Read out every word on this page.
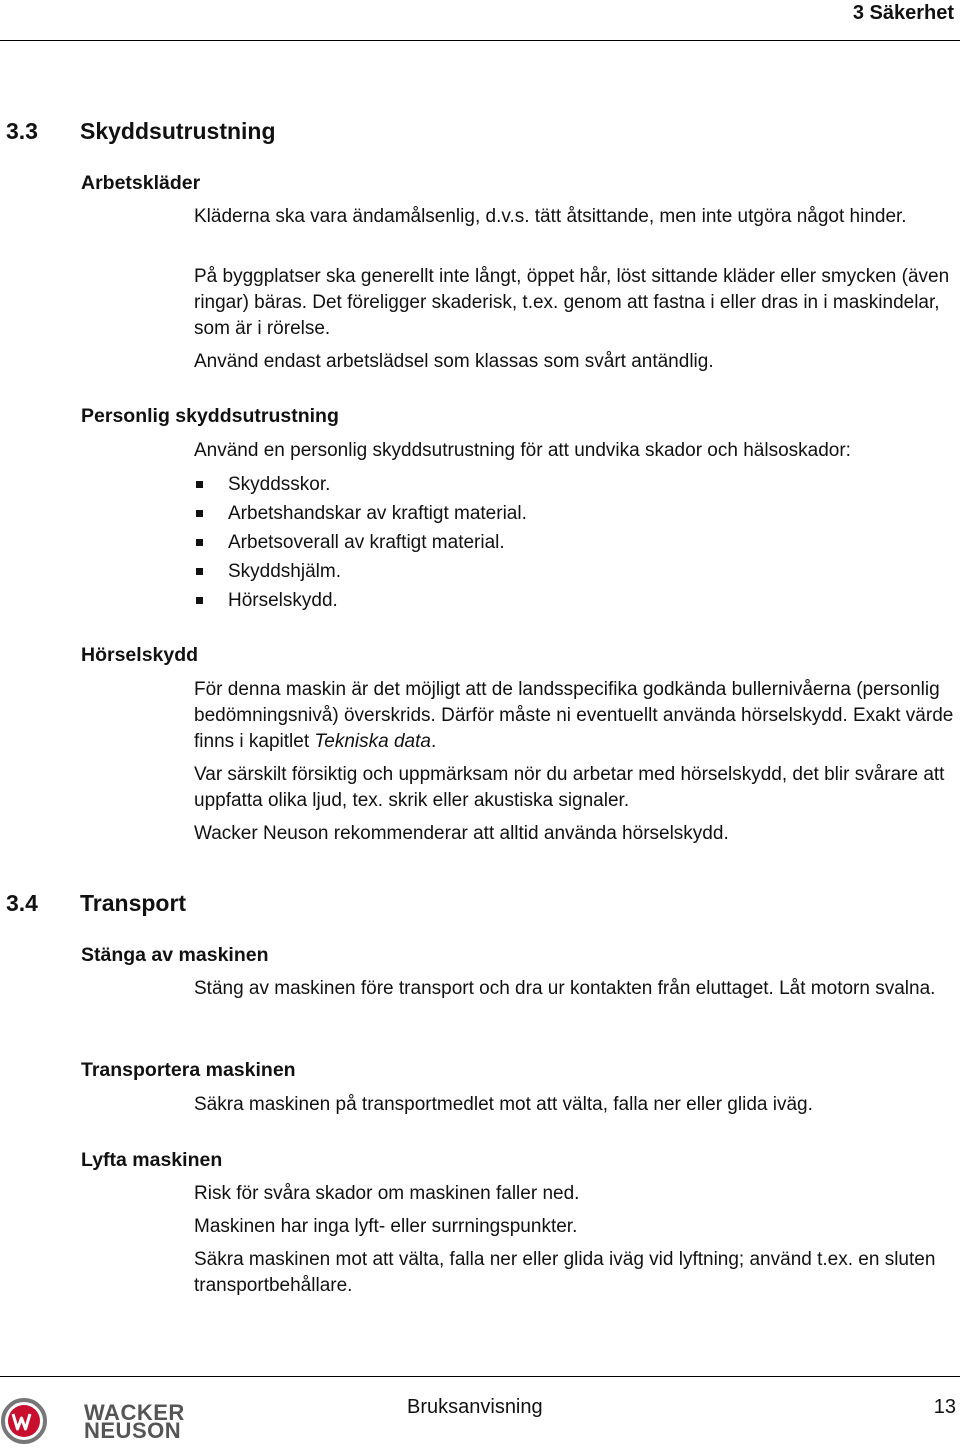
3 Säkerhet
3.3 Skyddsutrustning
Arbetskläder
Kläderna ska vara ändamålsenlig, d.v.s. tätt åtsittande, men inte utgöra något hinder.
På byggplatser ska generellt inte långt, öppet hår, löst sittande kläder eller smycken (även ringar) bäras. Det föreligger skaderisk, t.ex. genom att fastna i eller dras in i maskindelar, som är i rörelse.
Använd endast arbetslädsel som klassas som svårt antändlig.
Personlig skyddsutrustning
Använd en personlig skyddsutrustning för att undvika skador och hälsoskador:
Skyddsskor.
Arbetshandskar av kraftigt material.
Arbetsoverall av kraftigt material.
Skyddshjälm.
Hörselskydd.
Hörselskydd
För denna maskin är det möjligt att de landsspecifika godkända bullernivåerna (personlig bedömningsnivå) överskrids. Därför måste ni eventuellt använda hörselskydd. Exakt värde finns i kapitlet Tekniska data.
Var särskilt försiktig och uppmärksam nör du arbetar med hörselskydd, det blir svårare att uppfatta olika ljud, tex. skrik eller akustiska signaler.
Wacker Neuson rekommenderar att alltid använda hörselskydd.
3.4 Transport
Stänga av maskinen
Stäng av maskinen före transport och dra ur kontakten från eluttaget. Låt motorn svalna.
Transportera maskinen
Säkra maskinen på transportmedlet mot att välta, falla ner eller glida iväg.
Lyfta maskinen
Risk för svåra skador om maskinen faller ned.
Maskinen har inga lyft- eller surrningspunkter.
Säkra maskinen mot att välta, falla ner eller glida iväg vid lyftning; använd t.ex. en sluten transportbehållare.
WACKER
NEUSON
Bruksanvisning	13
